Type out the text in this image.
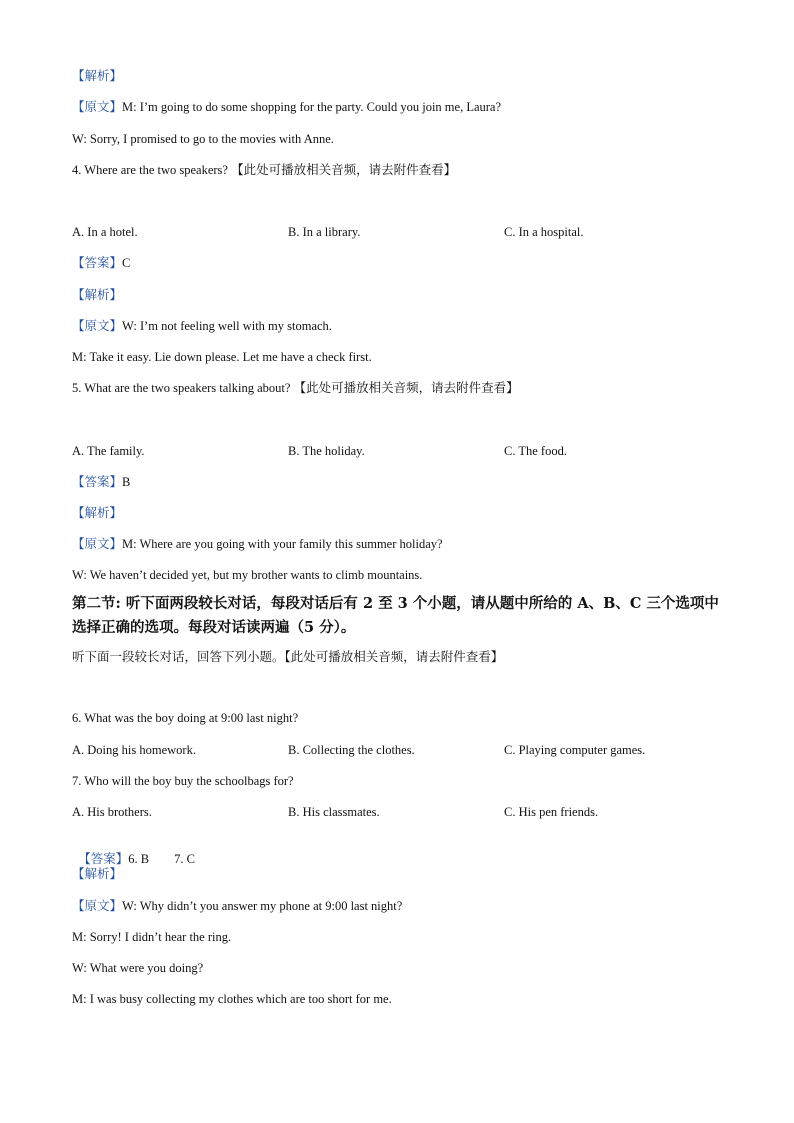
【解析】
【原文】M: I’m going to do some shopping for the party. Could you join me, Laura?
W: Sorry, I promised to go to the movies with Anne.
4. Where are the two speakers? 【此处可播放相关音频，请去附件查看】
A. In a hotel.	B. In a library.	C. In a hospital.
【答案】C
【解析】
【原文】W: I’m not feeling well with my stomach.
M: Take it easy. Lie down please. Let me have a check first.
5. What are the two speakers talking about? 【此处可播放相关音频，请去附件查看】
A. The family.	B. The holiday.	C. The food.
【答案】B
【解析】
【原文】M: Where are you going with your family this summer holiday?
W: We haven’t decided yet, but my brother wants to climb mountains.
第二节: 听下面两段较长对话，每段对话后有 2 至 3 个小题，请从题中所给的 A、B、C 三个选项中选择正确的选项。每段对话读两遍（5 分）。
听下面一段较长对话，回答下列小题。【此处可播放相关音频，请去附件查看】
6. What was the boy doing at 9:00 last night?
A. Doing his homework.	B. Collecting the clothes.	C. Playing computer games.
7. Who will the boy buy the schoolbags for?
A. His brothers.	B. His classmates.	C. His pen friends.

【答案】6. B        7. C

【解析】
【原文】W: Why didn’t you answer my phone at 9:00 last night?
M: Sorry! I didn’t hear the ring.
W: What were you doing?
M: I was busy collecting my clothes which are too short for me.
